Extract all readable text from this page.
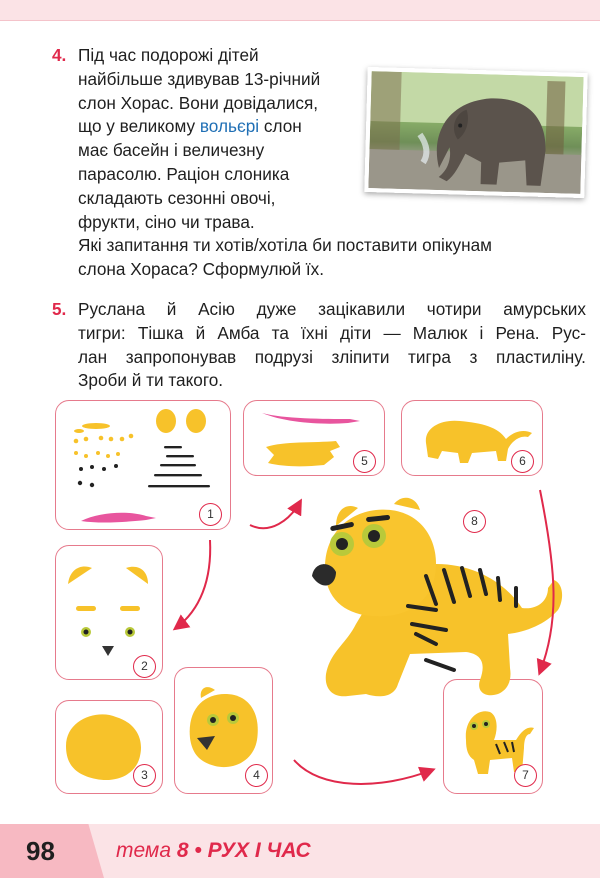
4. Під час подорожі дітей
найбільше здивував 13-річний
слон Хорас. Вони довідалися,
що у великому вольєрі слон
має басейн і величезну
парасолю. Раціон слоника
складають сезонні овочі,
фрукти, сіно чи трава.
Які запитання ти хотів/хотіла би поставити опікунам
слона Хораса? Сформулюй їх.
5. Руслана й Асію дуже зацікавили чотири амурських
тигри: Тішка й Амба та їхні діти — Малюк і Рена. Рус-
лан запропонував подрузі зліпити тигра з пластиліну.
Зроби й ти такого.
1
2
3	4
5	6
7
8
98	тема 8 • РУХ І ЧАС
